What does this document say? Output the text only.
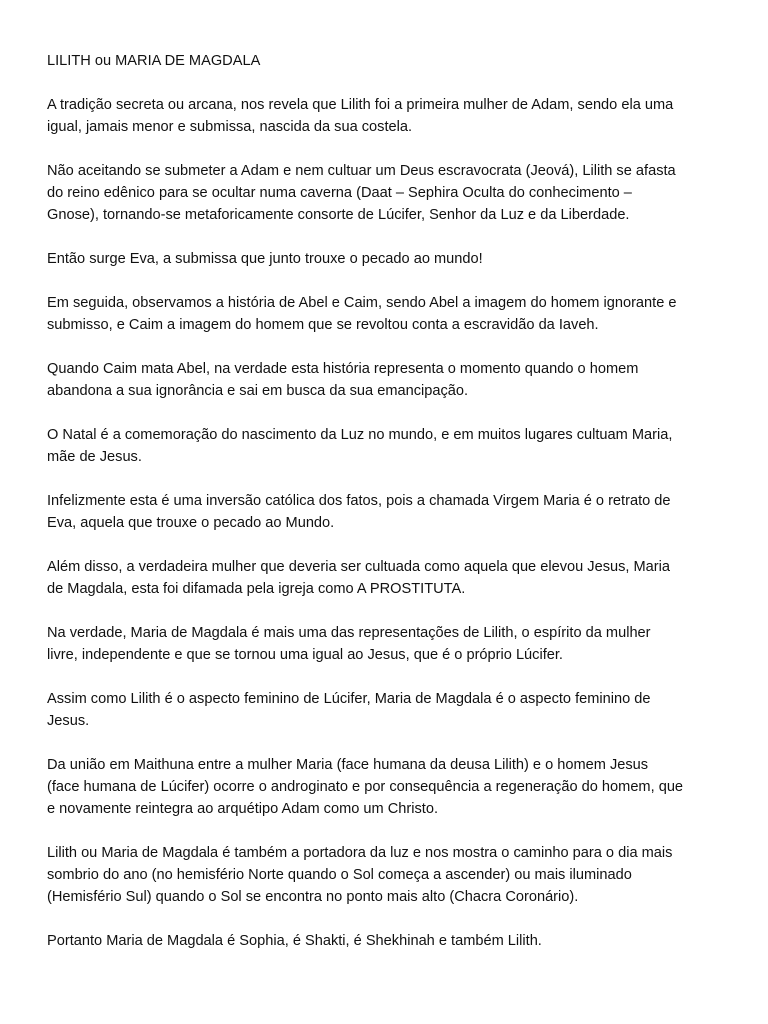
LILITH ou MARIA DE MAGDALA

A tradição secreta ou arcana, nos revela que Lilith foi a primeira mulher de Adam, sendo ela uma
igual, jamais menor e submissa, nascida da sua costela.

Não aceitando se submeter a Adam e nem cultuar um Deus escravocrata (Jeová), Lilith se afasta
do reino edênico para se ocultar numa caverna (Daat – Sephira Oculta do conhecimento –
Gnose), tornando-se metaforicamente consorte de Lúcifer, Senhor da Luz e da Liberdade.

Então surge Eva, a submissa que junto trouxe o pecado ao mundo!

Em seguida, observamos a história de Abel e Caim, sendo Abel a imagem do homem ignorante e
submisso, e Caim a imagem do homem que se revoltou conta a escravidão da Iaveh.

Quando Caim mata Abel, na verdade esta história representa o momento quando o homem
abandona a sua ignorância e sai em busca da sua emancipação.

O Natal é a comemoração do nascimento da Luz no mundo, e em muitos lugares cultuam Maria,
mãe de Jesus.

Infelizmente esta é uma inversão católica dos fatos, pois a chamada Virgem Maria é o retrato de
Eva, aquela que trouxe o pecado ao Mundo.

Além disso, a verdadeira mulher que deveria ser cultuada como aquela que elevou Jesus, Maria
de Magdala, esta foi difamada pela igreja como A PROSTITUTA.

Na verdade, Maria de Magdala é mais uma das representações de Lilith, o espírito da mulher
livre, independente e que se tornou uma igual ao Jesus, que é o próprio Lúcifer.

Assim como Lilith é o aspecto feminino de Lúcifer, Maria de Magdala é o aspecto feminino de
Jesus.

Da união em Maithuna entre a mulher Maria (face humana da deusa Lilith) e o homem Jesus
(face humana de Lúcifer) ocorre o androginato e por consequência a regeneração do homem, que
e novamente reintegra ao arquétipo Adam como um Christo.

Lilith ou Maria de Magdala é também a portadora da luz e nos mostra o caminho para o dia mais
sombrio do ano (no hemisfério Norte quando o Sol começa a ascender) ou mais iluminado
(Hemisfério Sul) quando o Sol se encontra no ponto mais alto (Chacra Coronário).

Portanto Maria de Magdala é Sophia, é Shakti, é Shekhinah e também Lilith.
